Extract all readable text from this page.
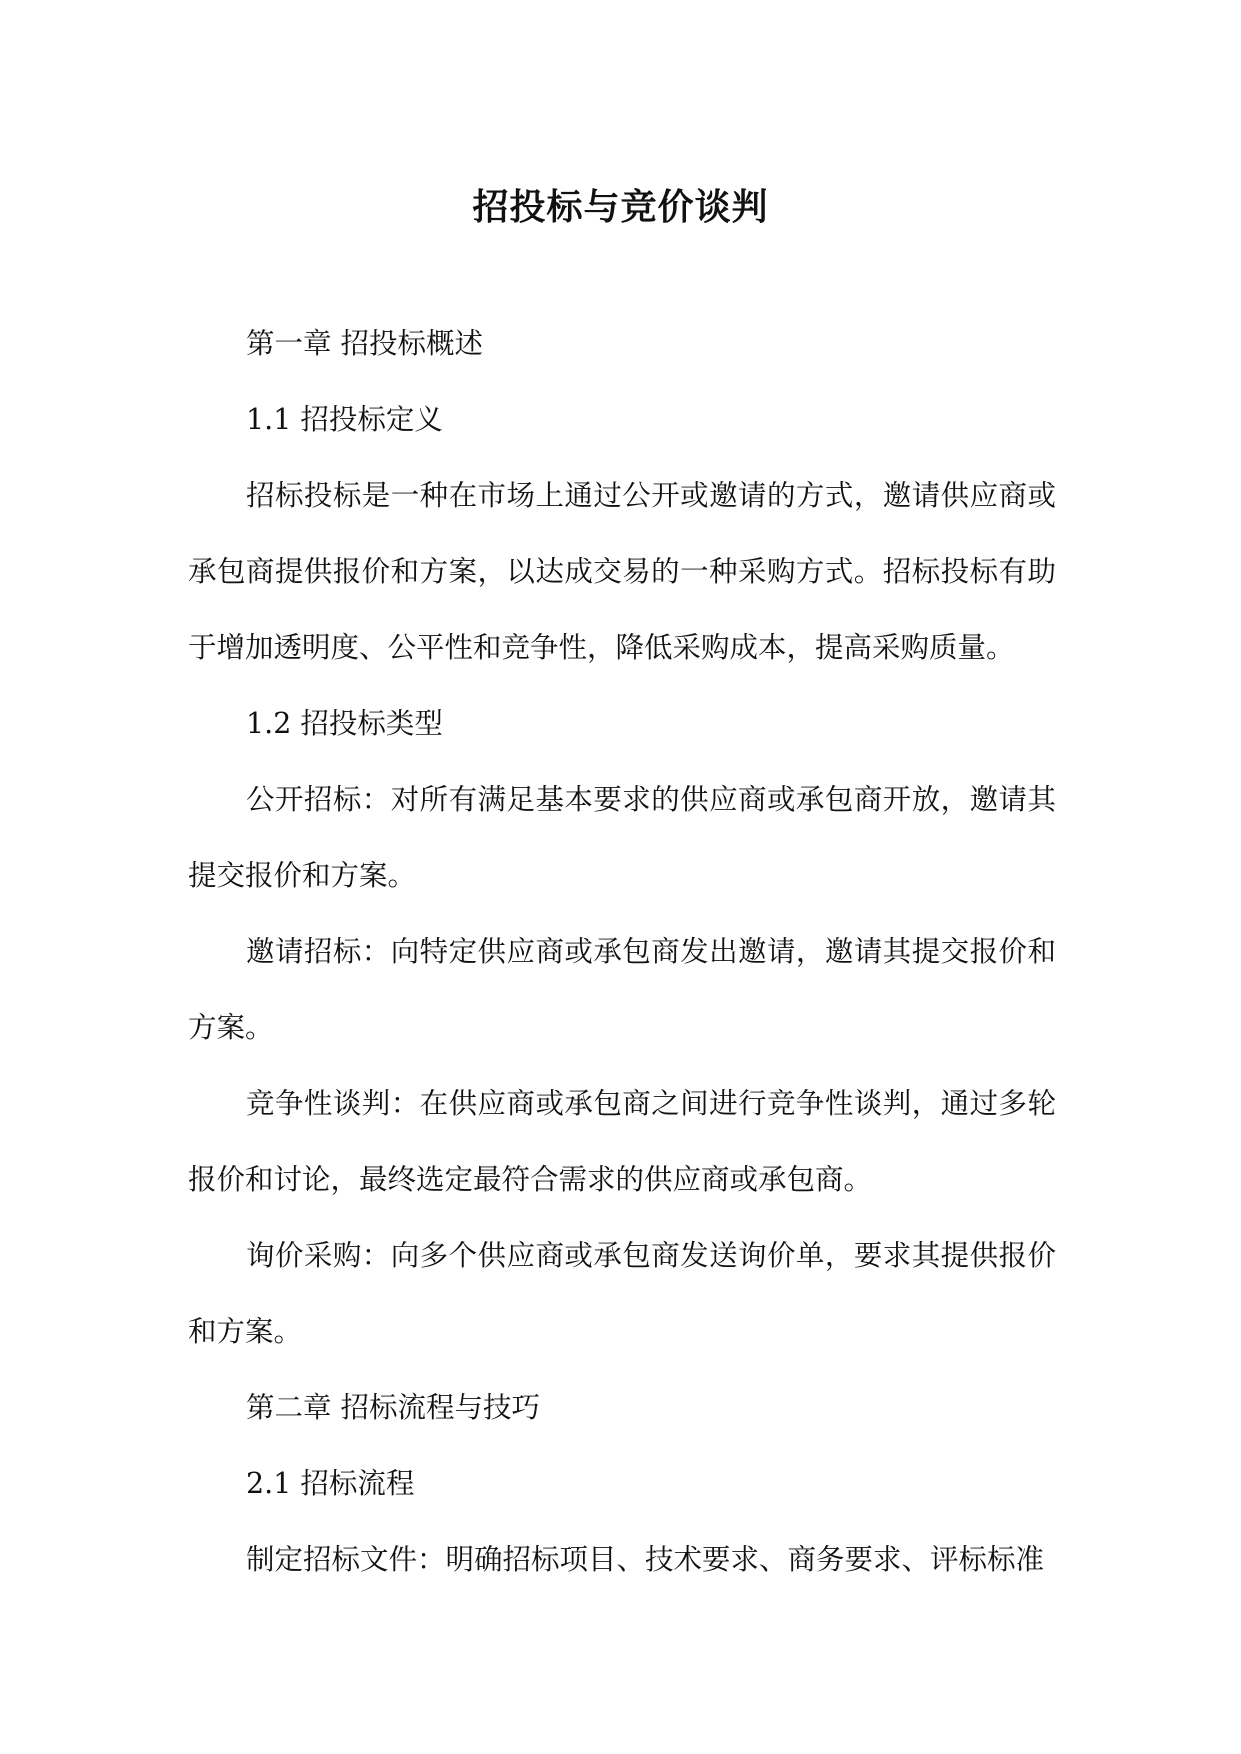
招投标与竞价谈判

第一章 招投标概述

1.1 招投标定义

招标投标是一种在市场上通过公开或邀请的方式，邀请供应商或承包商提供报价和方案，以达成交易的一种采购方式。招标投标有助于增加透明度、公平性和竞争性，降低采购成本，提高采购质量。

1.2 招投标类型

公开招标：对所有满足基本要求的供应商或承包商开放，邀请其提交报价和方案。

邀请招标：向特定供应商或承包商发出邀请，邀请其提交报价和方案。

竞争性谈判：在供应商或承包商之间进行竞争性谈判，通过多轮报价和讨论，最终选定最符合需求的供应商或承包商。

询价采购：向多个供应商或承包商发送询价单，要求其提供报价和方案。

第二章 招标流程与技巧

2.1 招标流程

制定招标文件：明确招标项目、技术要求、商务要求、评标标准
